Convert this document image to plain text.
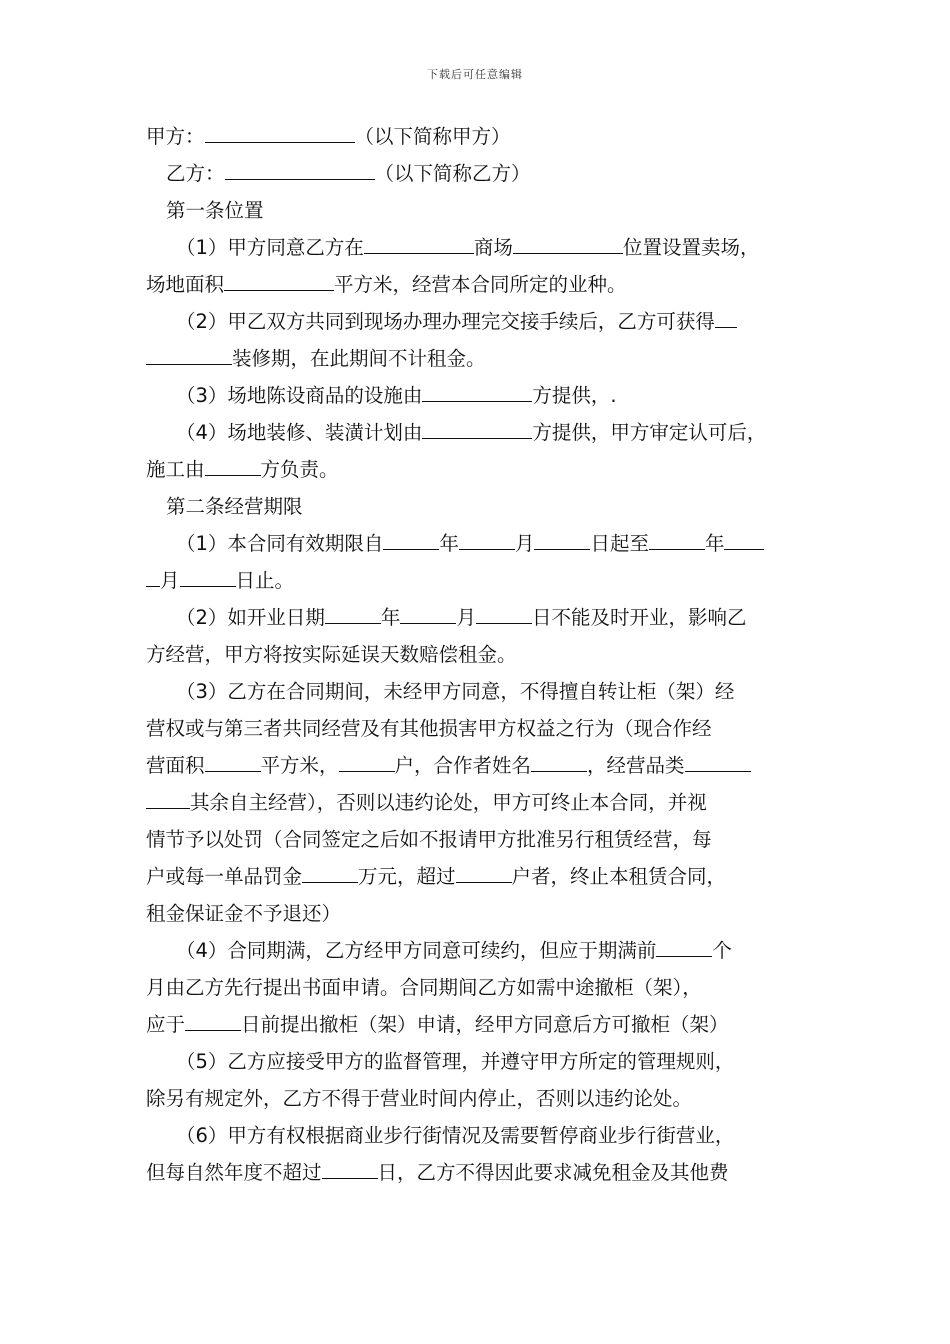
下载后可任意编辑
甲方：	（以下简称甲方）
乙方：	（以下简称乙方）
第一条位置
（1）甲方同意乙方在	商场	位置设置卖场，
场地面积	平方米，经营本合同所定的业种。
（2）甲乙双方共同到现场办理办理完交接手续后，乙方可获得
装修期，在此期间不计租金。
（3）场地陈设商品的设施由	方提供，.
（4）场地装修、装潢计划由	方提供，甲方审定认可后，
施工由	方负责。
第二条经营期限
（1）本合同有效期限自	年	月	日起至	年
月	日止。
（2）如开业日期	年	月	日不能及时开业，影响乙
方经营，甲方将按实际延误天数赔偿租金。
（3）乙方在合同期间，未经甲方同意，不得擅自转让柜（架）经
营权或与第三者共同经营及有其他损害甲方权益之行为（现合作经
营面积	平方米，	户，合作者姓名	，经营品类
其余自主经营），否则以违约论处，甲方可终止本合同，并视
情节予以处罚（合同签定之后如不报请甲方批准另行租赁经营，每
户或每一单品罚金	万元，超过	户者，终止本租赁合同，
租金保证金不予退还）
（4）合同期满，乙方经甲方同意可续约，但应于期满前	个
月由乙方先行提出书面申请。合同期间乙方如需中途撤柜（架），
应于	日前提出撤柜（架）申请，经甲方同意后方可撤柜（架）
（5）乙方应接受甲方的监督管理，并遵守甲方所定的管理规则，
除另有规定外，乙方不得于营业时间内停止，否则以违约论处。
（6）甲方有权根据商业步行街情况及需要暂停商业步行街营业，
但每自然年度不超过	日，乙方不得因此要求减免租金及其他费
